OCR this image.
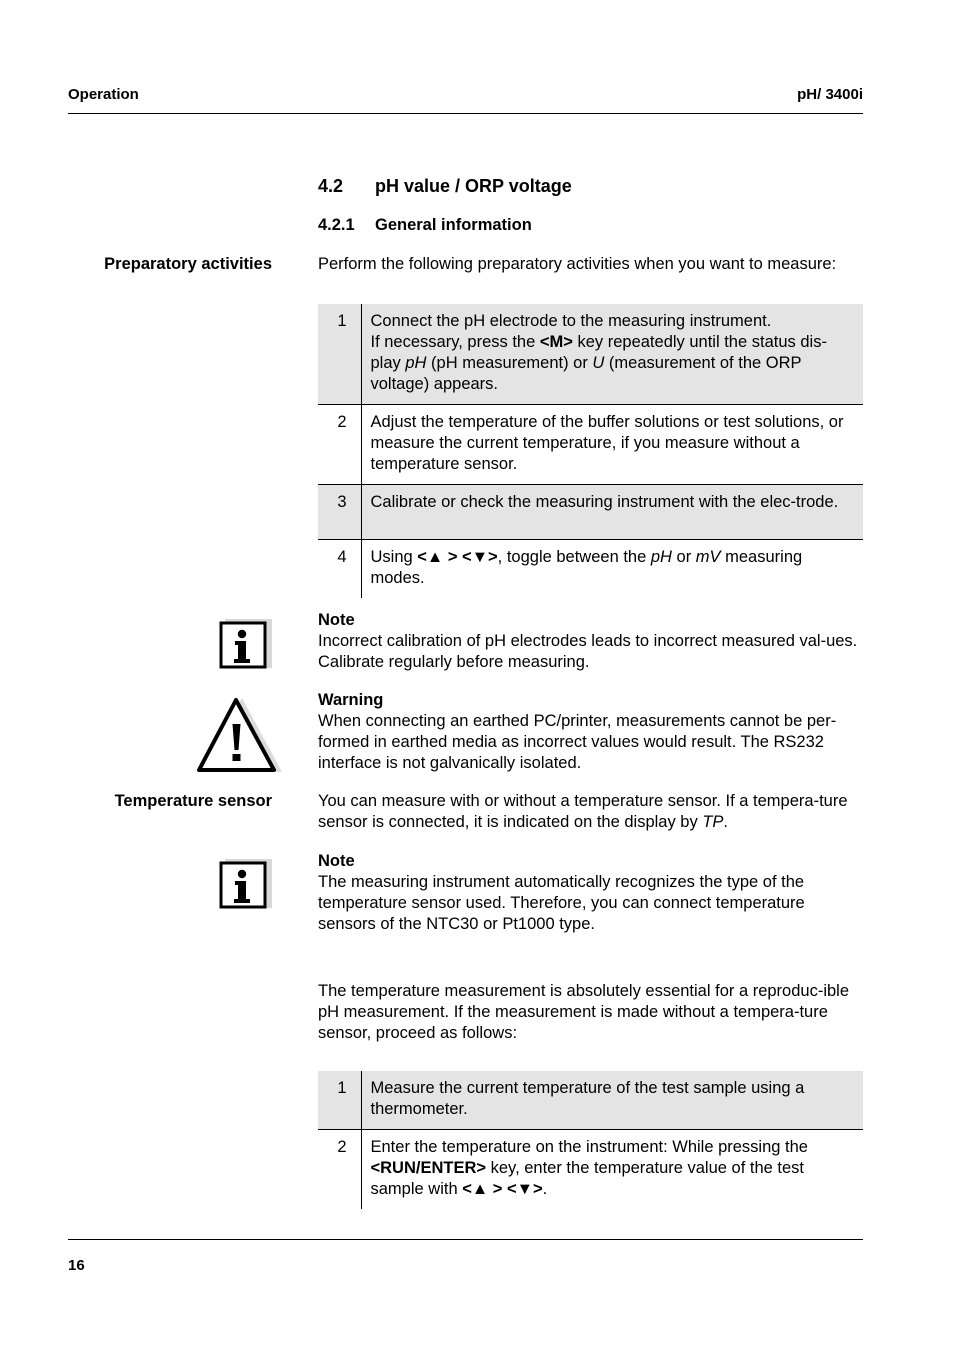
Operation	pH/ 3400i
4.2 pH value / ORP voltage
4.2.1 General information
Preparatory activities	Perform the following preparatory activities when you want to measure:
1	Connect the pH electrode to the measuring instrument.
If necessary, press the <M> key repeatedly until the status dis-play pH (pH measurement) or U (measurement of the ORP voltage) appears.
2	Adjust the temperature of the buffer solutions or test solutions, or measure the current temperature, if you measure without a temperature sensor.
3	Calibrate or check the measuring instrument with the elec-trode.
4	Using <▲ > <▼>, toggle between the pH or mV measuring modes.
Note
Incorrect calibration of pH electrodes leads to incorrect measured val-ues. Calibrate regularly before measuring.
Warning
When connecting an earthed PC/printer, measurements cannot be per-formed in earthed media as incorrect values would result. The RS232 interface is not galvanically isolated.
Temperature sensor	You can measure with or without a temperature sensor. If a tempera-ture sensor is connected, it is indicated on the display by TP.
Note
The measuring instrument automatically recognizes the type of the temperature sensor used. Therefore, you can connect temperature sensors of the NTC30 or Pt1000 type.
The temperature measurement is absolutely essential for a reproduc-ible pH measurement. If the measurement is made without a tempera-ture sensor, proceed as follows:
1	Measure the current temperature of the test sample using a thermometer.
2	Enter the temperature on the instrument: While pressing the <RUN/ENTER> key, enter the temperature value of the test sample with <▲ > <▼>.
16
